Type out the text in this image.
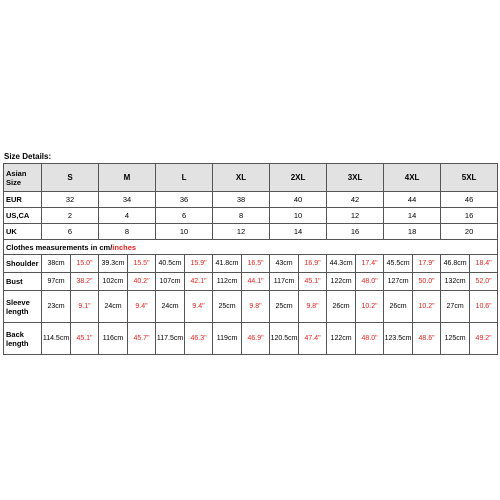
Size Details:
Asian Size	S		M		L		XL		2XL		3XL		4XL		5XL	
EUR	32		34		36		38		40		42		44		46	
US,CA	2		4		6		8		10		12		14		16	
UK	6		8		10		12		14		16		18		20	
Clothes measurements in cm/inches																
Shoulder	38cm	15.0"	39.3cm	15.5"	40.5cm	15.9"	41.8cm	16.5"	43cm	16.9"	44.3cm	17.4"	45.5cm	17.9"	46.8cm	18.4"
Bust	97cm	38.2"	102cm	40.2"	107cm	42.1"	112cm	44.1"	117cm	45.1"	122cm	48.0"	127cm	50.0"	132cm	52.0"
Sleeve length	23cm	9.1"	24cm	9.4"	24cm	9.4"	25cm	9.8"	25cm	9.8"	26cm	10.2"	26cm	10.2"	27cm	10.6"
Back length	114.5cm	45.1"	116cm	45.7"	117.5cm	46.3"	119cm	46.9"	120.5cm	47.4"	122cm	48.0"	123.5cm	48.6"	125cm	49.2"
